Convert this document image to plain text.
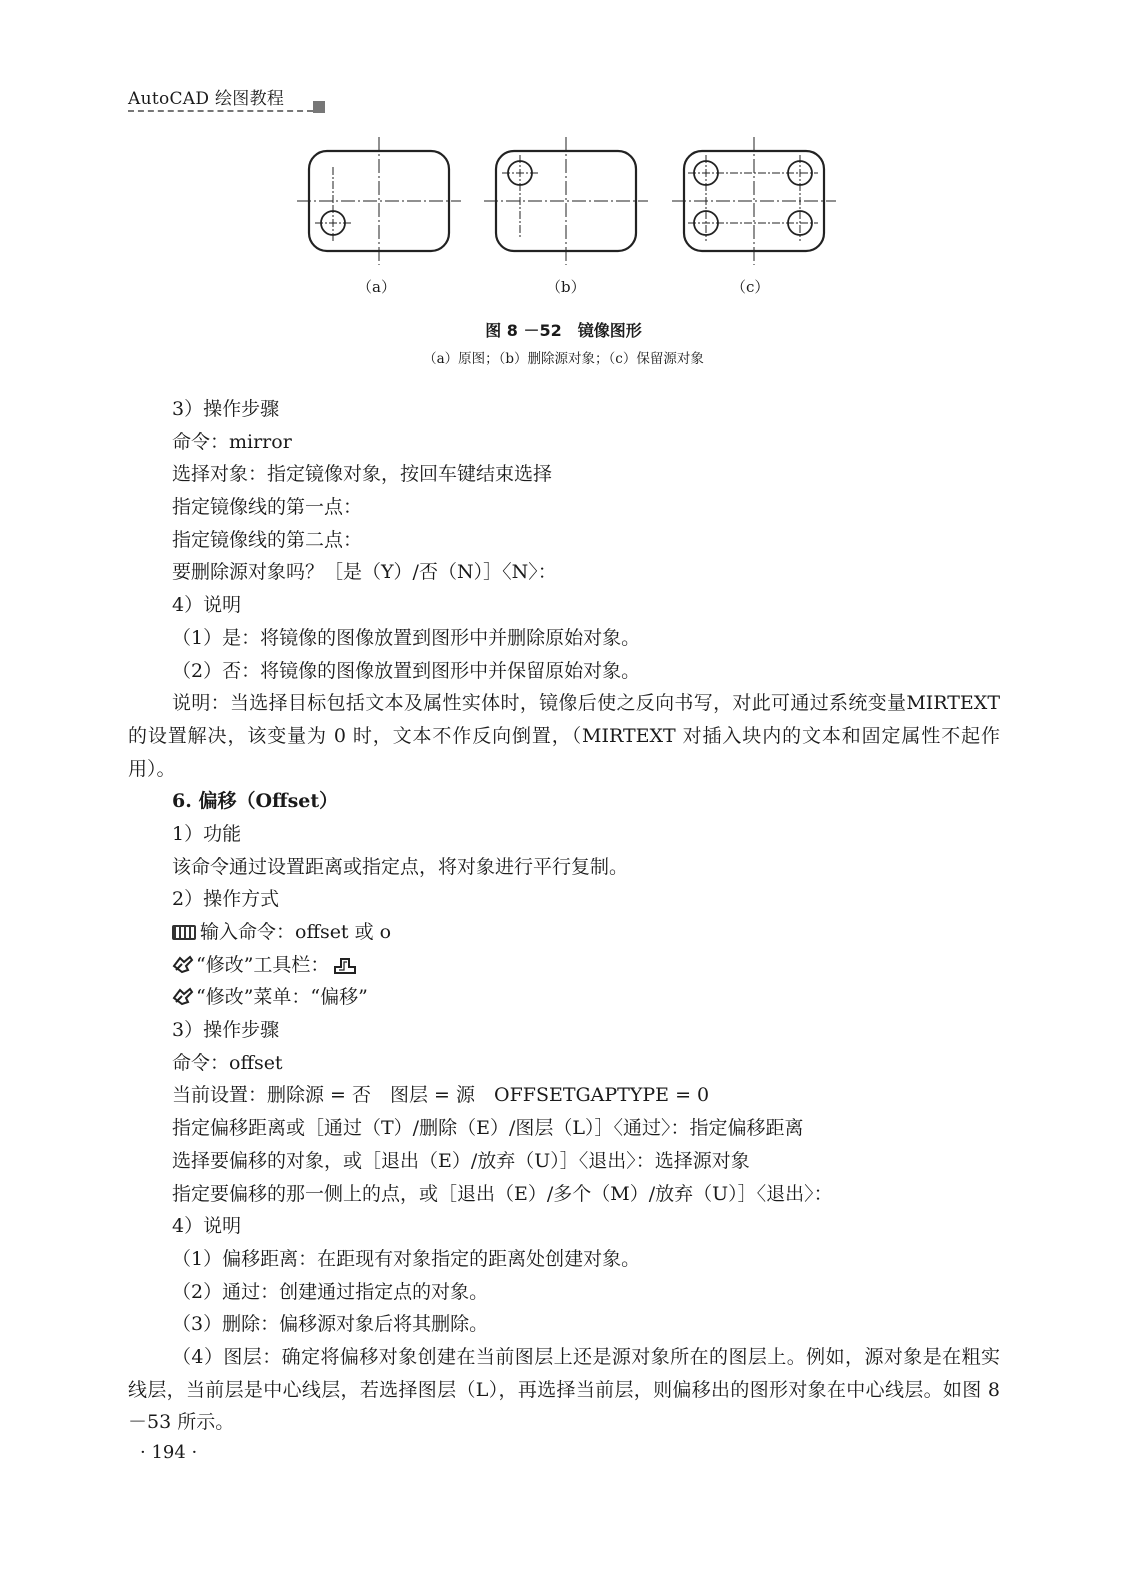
AutoCAD 绘图教程
（a）	（b）	（c）
图 8 －52　镜像图形
（a）原图；（b）删除源对象；（c）保留源对象
3）操作步骤
命令：mirror
选择对象：指定镜像对象，按回车键结束选择
指定镜像线的第一点：
指定镜像线的第二点：
要删除源对象吗？［是（Y）/否（N）］〈N〉：
4）说明
（1）是：将镜像的图像放置到图形中并删除原始对象。
（2）否：将镜像的图像放置到图形中并保留原始对象。
说明：当选择目标包括文本及属性实体时，镜像后使之反向书写，对此可通过系统变量MIRTEXT 的设置解决，该变量为 0 时，文本不作反向倒置，（MIRTEXT 对插入块内的文本和固定属性不起作用）。
6. 偏移（Offset）
1）功能
该命令通过设置距离或指定点，将对象进行平行复制。
2）操作方式
输入命令：offset 或 o
“修改”工具栏：
“修改”菜单：“偏移”
3）操作步骤
命令：offset
当前设置：删除源 = 否　图层 = 源　OFFSETGAPTYPE = 0
指定偏移距离或［通过（T）/删除（E）/图层（L）］〈通过〉：指定偏移距离
选择要偏移的对象，或［退出（E）/放弃（U）］〈退出〉：选择源对象
指定要偏移的那一侧上的点，或［退出（E）/多个（M）/放弃（U）］〈退出〉：
4）说明
（1）偏移距离：在距现有对象指定的距离处创建对象。
（2）通过：创建通过指定点的对象。
（3）删除：偏移源对象后将其删除。
（4）图层：确定将偏移对象创建在当前图层上还是源对象所在的图层上。例如，源对象是在粗实线层，当前层是中心线层，若选择图层（L），再选择当前层，则偏移出的图形对象在中心线层。如图 8 －53 所示。
· 194 ·
